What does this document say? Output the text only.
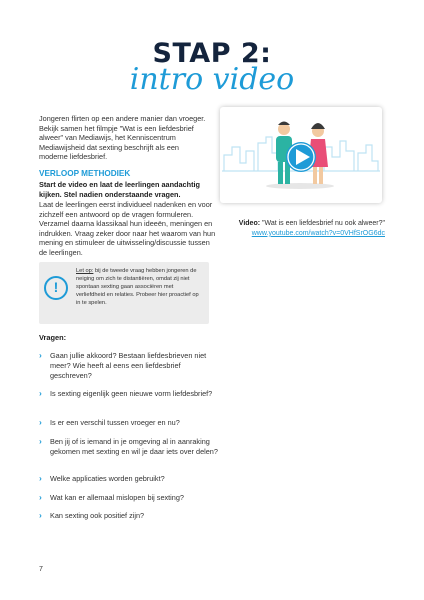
STAP 2:
intro video

Jongeren flirten op een andere manier dan vroeger. Bekijk samen het filmpje "Wat is een liefdesbrief alweer" van Mediawijs, het Kenniscentrum Mediawijsheid dat sexting beschrijft als een moderne liefdesbrief.

VERLOOP METHODIEK

Start de video en laat de leerlingen aandachtig kijken. Stel nadien onderstaande vragen.

Laat de leerlingen eerst individueel nadenken en voor zichzelf een antwoord op de vragen formuleren. Verzamel daarna klassikaal hun ideeën, meningen en indrukken. Vraag zeker door naar het waarom van hun mening en stimuleer de uitwisseling/discussie tussen de leerlingen.

!

Let op: bij de tweede vraag hebben jongeren de neiging om zich te distantiëren, omdat zij niet spontaan sexting gaan associëren met verliefdheid en relaties. Probeer hier proactief op in te spelen.

Video: "Wat is een liefdesbrief nu ook alweer?"
www.youtube.com/watch?v=0VHfSrOG6dc
Vragen:
› Gaan jullie akkoord? Bestaan liefdesbrieven niet meer? Wie heeft al eens een liefdesbrief geschreven?
› Is sexting eigenlijk geen nieuwe vorm liefdesbrief?
› Is er een verschil tussen vroeger en nu?
› Ben jij of is iemand in je omgeving al in aanraking gekomen met sexting en wil je daar iets over delen?
› Welke applicaties worden gebruikt?
› Wat kan er allemaal mislopen bij sexting?
› Kan sexting ook positief zijn?
7
